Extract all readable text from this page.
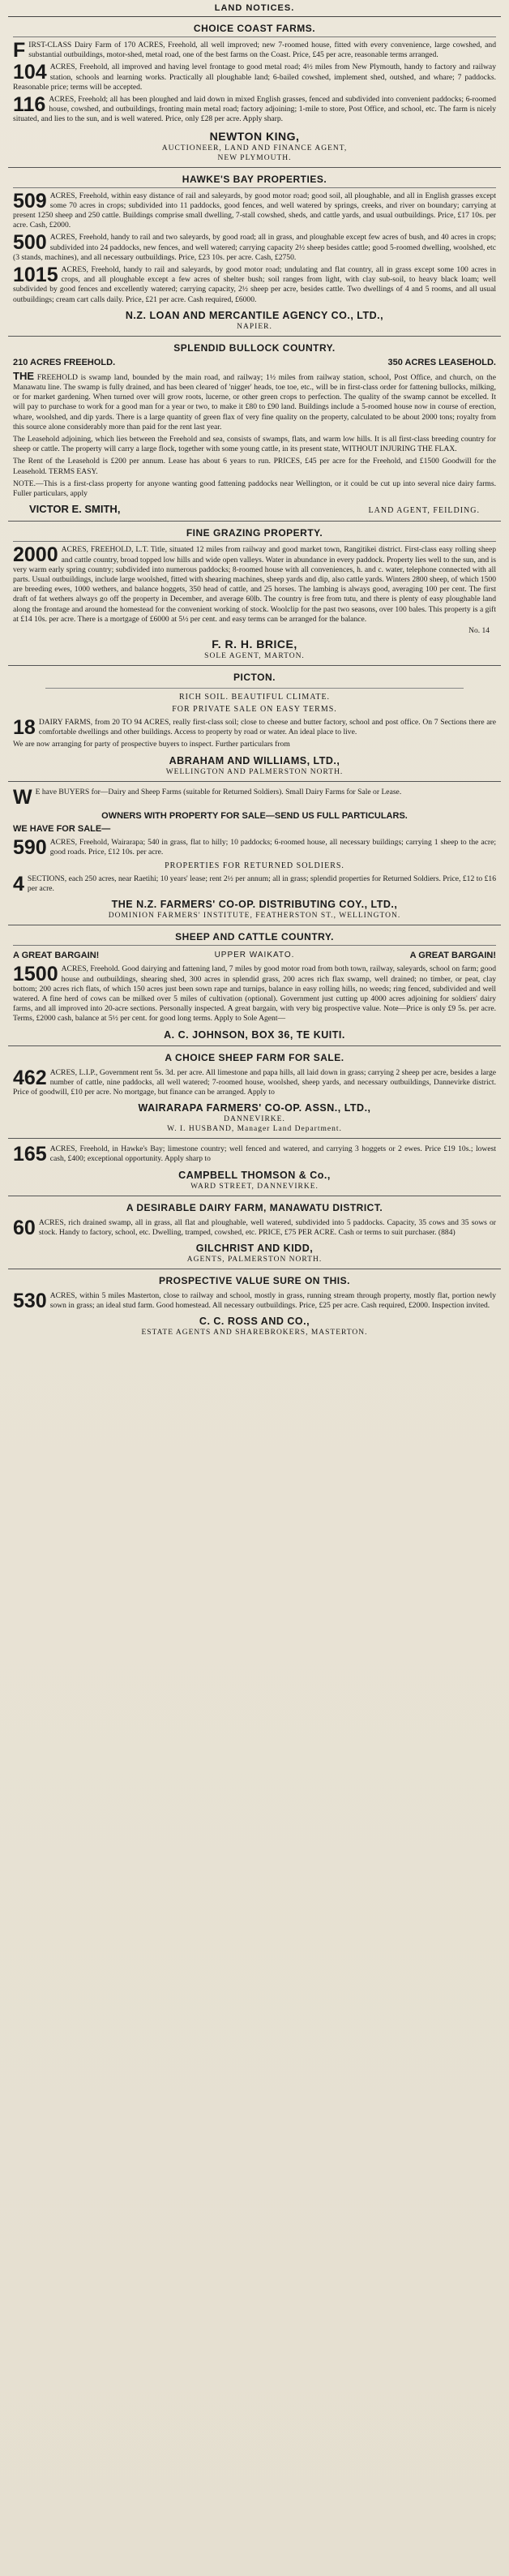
LAND NOTICES.
CHOICE COAST FARMS.
F IRST-CLASS Dairy Farm of 170 ACRES, Freehold, all well improved; new 7-roomed house, fitted with every convenience, large cowshed, and substantial outbuildings, motor-shed, metal road, one of the best farms on the Coast. Price, £45 per acre, reasonable terms arranged.
104 ACRES, Freehold, all improved and having level frontage to good metal road; 4½ miles from New Plymouth, handy to factory and railway station, schools and learning works. Practically all ploughable land; 6-bailed cowshed, implement shed, outshed, and whare; 7 paddocks. Reasonable price; terms will be accepted.
116 ACRES, Freehold; all has been ploughed and laid down in mixed English grasses, fenced and subdivided into convenient paddocks; 6-roomed house, cowshed, and outbuildings, fronting main metal road; factory adjoining; 1-mile to store, Post Office, and school, etc. The farm is nicely situated, and lies to the sun, and is well watered. Price, only £28 per acre. Apply sharp.
NEWTON KING,
AUCTIONEER, LAND AND FINANCE AGENT,
NEW PLYMOUTH.
HAWKE'S BAY PROPERTIES.
509 ACRES, Freehold, within easy distance of rail and saleyards, by good motor road; good soil, all ploughable, and all in English grasses except some 70 acres in crops; subdivided into 11 paddocks, good fences, and well watered by springs, creeks, and river on boundary; carrying at present 1250 sheep and 250 cattle. Buildings comprise small dwelling, 7-stall cowshed, sheds, and cattle yards, and usual outbuildings. Price, £17 10s. per acre. Cash, £2000.
500 ACRES, Freehold, handy to rail and two saleyards, by good road; all in grass, and ploughable except few acres of bush, and 40 acres in crops; subdivided into 24 paddocks, new fences, and well watered; carrying capacity 2½ sheep besides cattle; good 5-roomed dwelling, woolshed, etc (3 stands, machines), and all necessary outbuildings. Price, £23 10s. per acre. Cash, £2750.
1015 ACRES, Freehold, handy to rail and saleyards, by good motor road; undulating and flat country, all in grass except some 100 acres in crops, and all ploughable except a few acres of shelter bush; soil ranges from light, with clay sub-soil, to heavy black loam; well subdivided by good fences and excellently watered; carrying capacity, 2½ sheep per acre, besides cattle. Two dwellings of 4 and 5 rooms, and all usual outbuildings; cream cart calls daily. Price, £21 per acre. Cash required, £6000.
N.Z. LOAN AND MERCANTILE AGENCY CO., LTD.,
NAPIER.
SPLENDID BULLOCK COUNTRY.
210 ACRES FREEHOLD.	350 ACRES LEASEHOLD.
THE FREEHOLD is swamp land, bounded by the main road, and railway; 1½ miles from railway station, school, Post Office, and church, on the Manawatu line. The swamp is fully drained, and has been cleared of 'nigger' heads, toe toe, etc., will be in first-class order for fattening bullocks, milking, or for market gardening. When turned over will grow roots, lucerne, or other green crops to perfection. The quality of the swamp cannot be excelled. It will pay to purchase to work for a good man for a year or two, to make it £80 to £90 land. Buildings include a 5-roomed house now in course of erection, whare, woolshed, and dip yards. There is a large quantity of green flax of very fine quality on the property, calculated to be about 2000 tons; royalty from this source alone considerably more than paid for the rent last year.
The Leasehold adjoining, which lies between the Freehold and sea, consists of swamps, flats, and warm low hills. It is all first-class breeding country for sheep or cattle. The property will carry a large flock, together with some young cattle, in its present state, WITHOUT INJURING THE FLAX.
The Rent of the Leasehold is £200 per annum. Lease has about 6 years to run. PRICES, £45 per acre for the Freehold, and £1500 Goodwill for the Leasehold. TERMS EASY.
NOTE.—This is a first-class property for anyone wanting good fattening paddocks near Wellington, or it could be cut up into several nice dairy farms. Fuller particulars, apply
VICTOR E. SMITH,	LAND AGENT, FEILDING.
FINE GRAZING PROPERTY.
2000 ACRES, FREEHOLD, L.T. Title, situated 12 miles from railway and good market town, Rangitikei district. First-class easy rolling sheep and cattle country, broad topped low hills and wide open valleys. Water in abundance in every paddock. Property lies well to the sun, and is very warm early spring country; subdivided into numerous paddocks; 8-roomed house with all conveniences, h. and c. water, telephone connected with all parts. Usual outbuildings, include large woolshed, fitted with shearing machines, sheep yards and dip, also cattle yards. Winters 2800 sheep, of which 1500 are breeding ewes, 1000 wethers, and balance hoggets, 350 head of cattle, and 25 horses. The lambing is always good, averaging 100 per cent. The first draft of fat wethers always go off the property in December, and average 60lb. The country is free from tutu, and there is plenty of easy ploughable land along the frontage and around the homestead for the convenient working of stock. Woolclip for the past two seasons, over 100 bales. This property is a gift at £14 10s. per acre. There is a mortgage of £6000 at 5½ per cent. and easy terms can be arranged for the balance.
No. 14
F. R. H. BRICE,
SOLE AGENT, MARTON.
PICTON.
RICH SOIL. BEAUTIFUL CLIMATE.
FOR PRIVATE SALE ON EASY TERMS.
18 DAIRY FARMS, from 20 TO 94 ACRES, really first-class soil; close to cheese and butter factory, school and post office. On 7 Sections there are comfortable dwellings and other buildings. Access to property by road or water. An ideal place to live.
We are now arranging for party of prospective buyers to inspect. Further particulars from
ABRAHAM AND WILLIAMS, LTD.,
WELLINGTON AND PALMERSTON NORTH.
W E have BUYERS for—Dairy and Sheep Farms (suitable for Returned Soldiers). Small Dairy Farms for Sale or Lease.
OWNERS WITH PROPERTY FOR SALE—SEND US FULL PARTICULARS.
WE HAVE FOR SALE—
590 ACRES, Freehold, Wairarapa; 540 in grass, flat to hilly; 10 paddocks; 6-roomed house, all necessary buildings; carrying 1 sheep to the acre; good roads. Price, £12 10s. per acre.
PROPERTIES FOR RETURNED SOLDIERS.
4 SECTIONS, each 250 acres, near Raetihi; 10 years' lease; rent 2½ per annum; all in grass; splendid properties for Returned Soldiers. Price, £12 to £16 per acre.
THE N.Z. FARMERS' CO-OP. DISTRIBUTING COY., LTD.,
DOMINION FARMERS' INSTITUTE, FEATHERSTON ST., WELLINGTON.
SHEEP AND CATTLE COUNTRY.
A GREAT BARGAIN!	UPPER WAIKATO.	A GREAT BARGAIN!
1500 ACRES, Freehold. Good dairying and fattening land, 7 miles by good motor road from both town, railway, saleyards, school on farm; good house and outbuildings, shearing shed, 300 acres in splendid grass, 200 acres rich flax swamp, well drained; no timber, or peat, clay bottom; 200 acres rich flats, of which 150 acres just been sown rape and turnips, balance in easy rolling hills, no weeds; ring fenced, subdivided and well watered. A fine herd of cows can be milked over 5 miles of cultivation (optional). Government just cutting up 4000 acres adjoining for soldiers' dairy farms, and all improved into 20-acre sections. Personally inspected. A great bargain, with very big prospective value. Note—Price is only £9 5s. per acre. Terms, £2000 cash, balance at 5½ per cent. for good long terms. Apply to Sole Agent—
A. C. JOHNSON, BOX 36, TE KUITI.
A CHOICE SHEEP FARM FOR SALE.
462 ACRES, L.I.P., Government rent 5s. 3d. per acre. All limestone and papa hills, all laid down in grass; carrying 2 sheep per acre, besides a large number of cattle, nine paddocks, all well watered; 7-roomed house, woolshed, sheep yards, and necessary outbuildings, Dannevirke district. Price of goodwill, £10 per acre. No mortgage, but finance can be arranged. Apply to
WAIRARAPA FARMERS' CO-OP. ASSN., LTD.,
DANNEVIRKE.
W. I. HUSBAND, Manager Land Department.
165 ACRES, Freehold, in Hawke's Bay; limestone country; well fenced and watered, and carrying 3 hoggets or 2 ewes. Price £19 10s.; lowest cash, £400; exceptional opportunity. Apply sharp to
CAMPBELL THOMSON & Co.,
WARD STREET, DANNEVIRKE.
A DESIRABLE DAIRY FARM, MANAWATU DISTRICT.
60 ACRES, rich drained swamp, all in grass, all flat and ploughable, well watered, subdivided into 5 paddocks. Capacity, 35 cows and 35 sows or stock. Handy to factory, school, etc. Dwelling, tramped, cowshed, etc. PRICE, £75 PER ACRE. Cash or terms to suit purchaser. (884)
GILCHRIST AND KIDD,
AGENTS, PALMERSTON NORTH.
PROSPECTIVE VALUE SURE ON THIS.
530 ACRES, within 5 miles Masterton, close to railway and school, mostly in grass, running stream through property, mostly flat, portion newly sown in grass; an ideal stud farm. Good homestead. All necessary outbuildings. Price, £25 per acre. Cash required, £2000. Inspection invited.
C. C. ROSS AND CO.,
ESTATE AGENTS AND SHAREBROKERS, MASTERTON.
